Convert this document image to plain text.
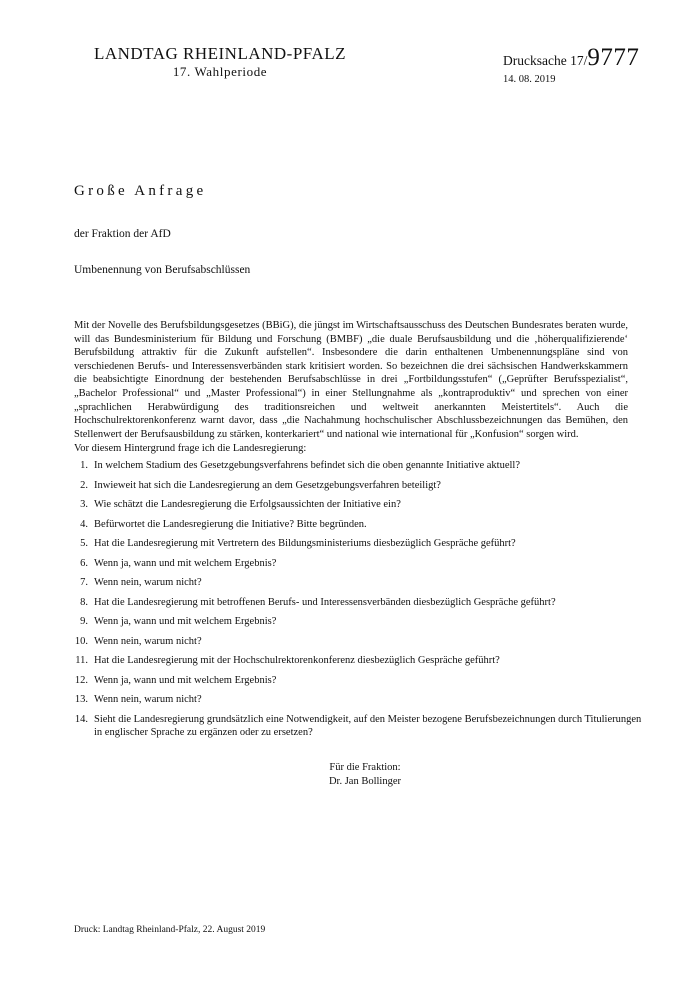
LANDTAG RHEINLAND-PFALZ
17. Wahlperiode
Drucksache 17/9777
14. 08. 2019
Große Anfrage
der Fraktion der AfD
Umbenennung von Berufsabschlüssen

Mit der Novelle des Berufsbildungsgesetzes (BBiG), die jüngst im Wirtschaftsausschuss des Deutschen Bundesrates beraten wurde, will das Bundesministerium für Bildung und Forschung (BMBF) „die duale Berufsausbildung und die ‚höherqualifizierende‘ Berufsbildung attraktiv für die Zukunft aufstellen“. Insbesondere die darin enthaltenen Umbenennungspläne sind von verschiedenen Berufs- und Interessensverbänden stark kritisiert worden. So bezeichnen die drei sächsischen Handwerkskammern die beabsichtigte Einordnung der bestehenden Berufsabschlüsse in drei „Fortbildungsstufen“ („Geprüfter Berufsspezialist“, „Bachelor Professional“ und „Master Professional“) in einer Stellungnahme als „kontraproduktiv“ und sprechen von einer „sprachlichen Herabwürdigung des traditionsreichen und weltweit anerkannten Meistertitels“. Auch die Hochschulrektorenkonferenz warnt davor, dass „die Nachahmung hochschulischer Abschlussbezeichnungen das Bemühen, den Stellenwert der Berufsausbildung zu stärken, konterkariert“ und national wie international für „Konfusion“ sorgen wird.

Vor diesem Hintergrund frage ich die Landesregierung:
1. In welchem Stadium des Gesetzgebungsverfahrens befindet sich die oben genannte Initiative aktuell?
2. Inwieweit hat sich die Landesregierung an dem Gesetzgebungsverfahren beteiligt?
3. Wie schätzt die Landesregierung die Erfolgsaussichten der Initiative ein?
4. Befürwortet die Landesregierung die Initiative? Bitte begründen.
5. Hat die Landesregierung mit Vertretern des Bildungsministeriums diesbezüglich Gespräche geführt?
6. Wenn ja, wann und mit welchem Ergebnis?
7. Wenn nein, warum nicht?
8. Hat die Landesregierung mit betroffenen Berufs- und Interessensverbänden diesbezüglich Gespräche geführt?
9. Wenn ja, wann und mit welchem Ergebnis?
10. Wenn nein, warum nicht?
11. Hat die Landesregierung mit der Hochschulrektorenkonferenz diesbezüglich Gespräche geführt?
12. Wenn ja, wann und mit welchem Ergebnis?
13. Wenn nein, warum nicht?
14. Sieht die Landesregierung grundsätzlich eine Notwendigkeit, auf den Meister bezogene Berufsbezeichnungen durch Titulierungen in englischer Sprache zu ergänzen oder zu ersetzen?
Für die Fraktion:
Dr. Jan Bollinger
Druck: Landtag Rheinland-Pfalz, 22. August 2019
